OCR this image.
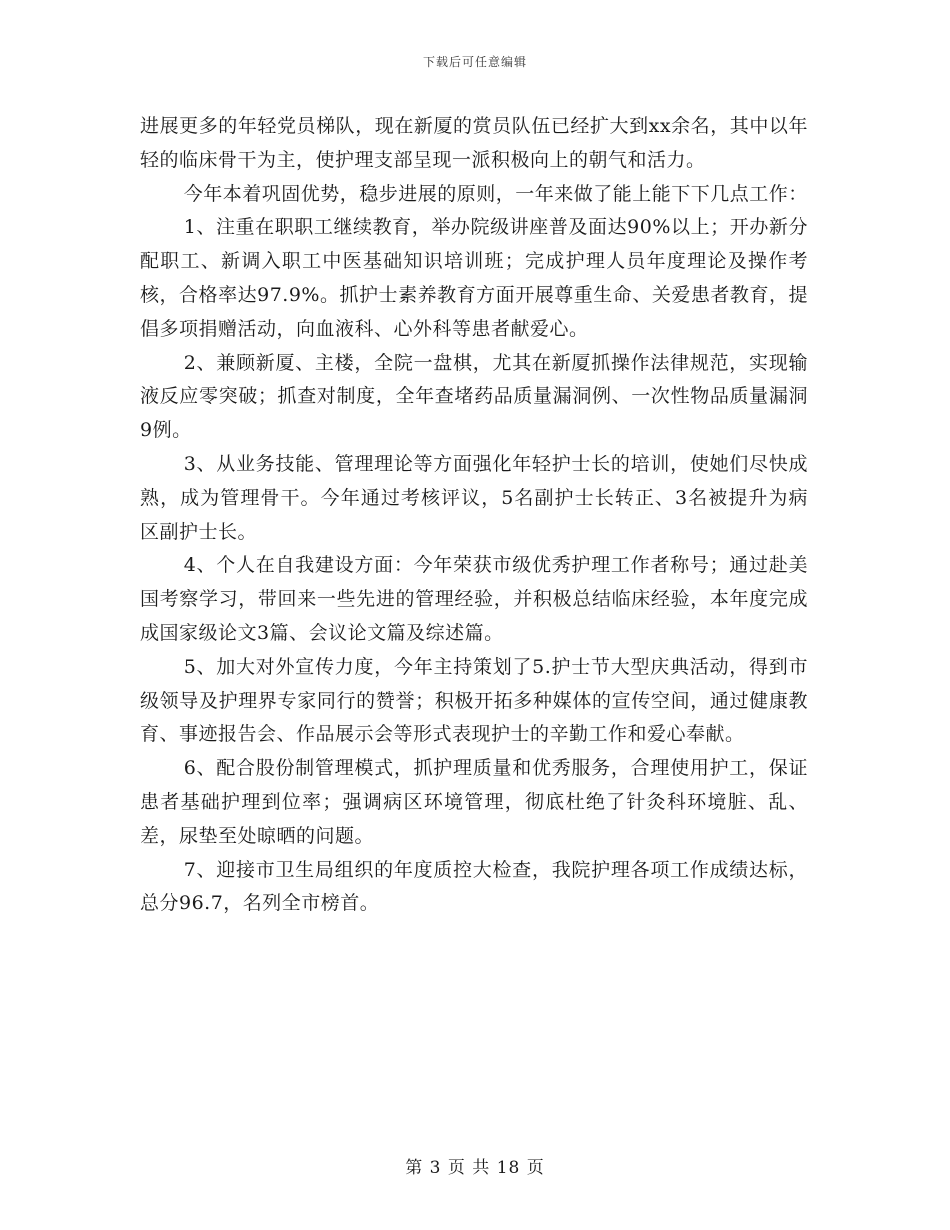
下载后可任意编辑

进展更多的年轻党员梯队，现在新厦的赏员队伍已经扩大到xx余名，其中以年轻的临床骨干为主，使护理支部呈现一派积极向上的朝气和活力。

今年本着巩固优势，稳步进展的原则，一年来做了能上能下下几点工作：

1、注重在职职工继续教育，举办院级讲座普及面达90%以上；开办新分配职工、新调入职工中医基础知识培训班；完成护理人员年度理论及操作考核，合格率达97.9%。抓护士素养教育方面开展尊重生命、关爱患者教育，提倡多项捐赠活动，向血液科、心外科等患者献爱心。

2、兼顾新厦、主楼，全院一盘棋，尤其在新厦抓操作法律规范，实现输液反应零突破；抓查对制度，全年查堵药品质量漏洞例、一次性物品质量漏洞9例。

3、从业务技能、管理理论等方面强化年轻护士长的培训，使她们尽快成熟，成为管理骨干。今年通过考核评议，5名副护士长转正、3名被提升为病区副护士长。

4、个人在自我建设方面：今年荣获市级优秀护理工作者称号；通过赴美国考察学习，带回来一些先进的管理经验，并积极总结临床经验，本年度完成成国家级论文3篇、会议论文篇及综述篇。

5、加大对外宣传力度，今年主持策划了5.护士节大型庆典活动，得到市级领导及护理界专家同行的赞誉；积极开拓多种媒体的宣传空间，通过健康教育、事迹报告会、作品展示会等形式表现护士的辛勤工作和爱心奉献。

6、配合股份制管理模式，抓护理质量和优秀服务，合理使用护工，保证患者基础护理到位率；强调病区环境管理，彻底杜绝了针灸科环境脏、乱、差，尿垫至处晾晒的问题。

7、迎接市卫生局组织的年度质控大检查，我院护理各项工作成绩达标，总分96.7，名列全市榜首。

第 3 页 共 18 页
